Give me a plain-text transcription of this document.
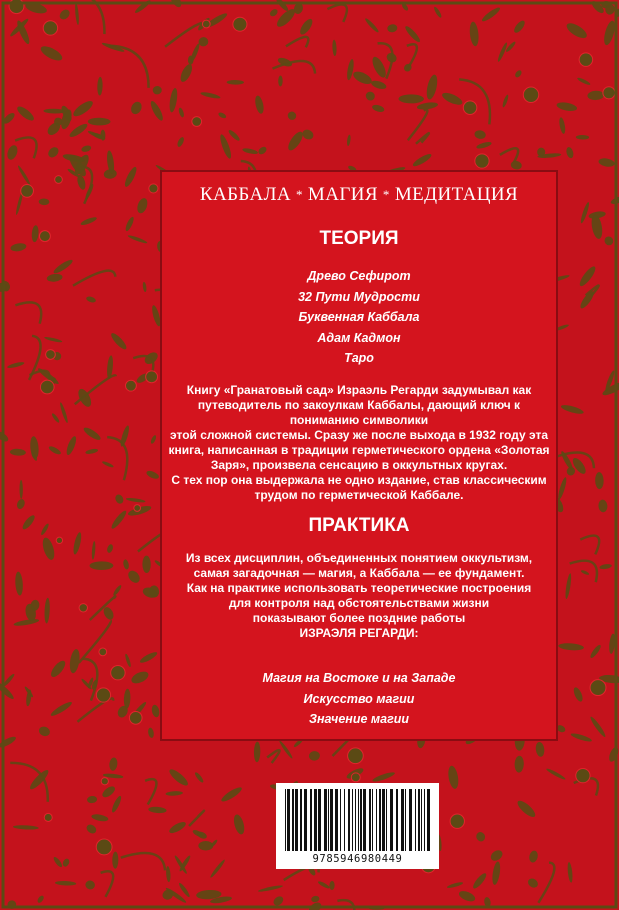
КАББАЛА * МАГИЯ * МЕДИТАЦИЯ
ТЕОРИЯ
Древо Сефирот
32 Пути Мудрости
Буквенная Каббала
Адам Кадмон
Таро
Книгу «Гранатовый сад» Израэль Регарди задумывал как
путеводитель по закоулкам Каббалы, дающий ключ к
пониманию символики
этой сложной системы. Сразу же после выхода в 1932 году эта
книга, написанная в традиции герметического ордена «Золотая
Заря», произвела сенсацию в оккультных кругах.
С тех пор она выдержала не одно издание, став классическим
трудом по герметической Каббале.
ПРАКТИКА
Из всех дисциплин, объединенных понятием оккультизм,
самая загадочная — магия, а Каббала — ее фундамент.
Как на практике использовать теоретические построения
для контроля над обстоятельствами жизни
показывают более поздние работы
ИЗРАЭЛЯ РЕГАРДИ:
Магия на Востоке и на Западе
Искусство магии
Значение магии
9785946980449
